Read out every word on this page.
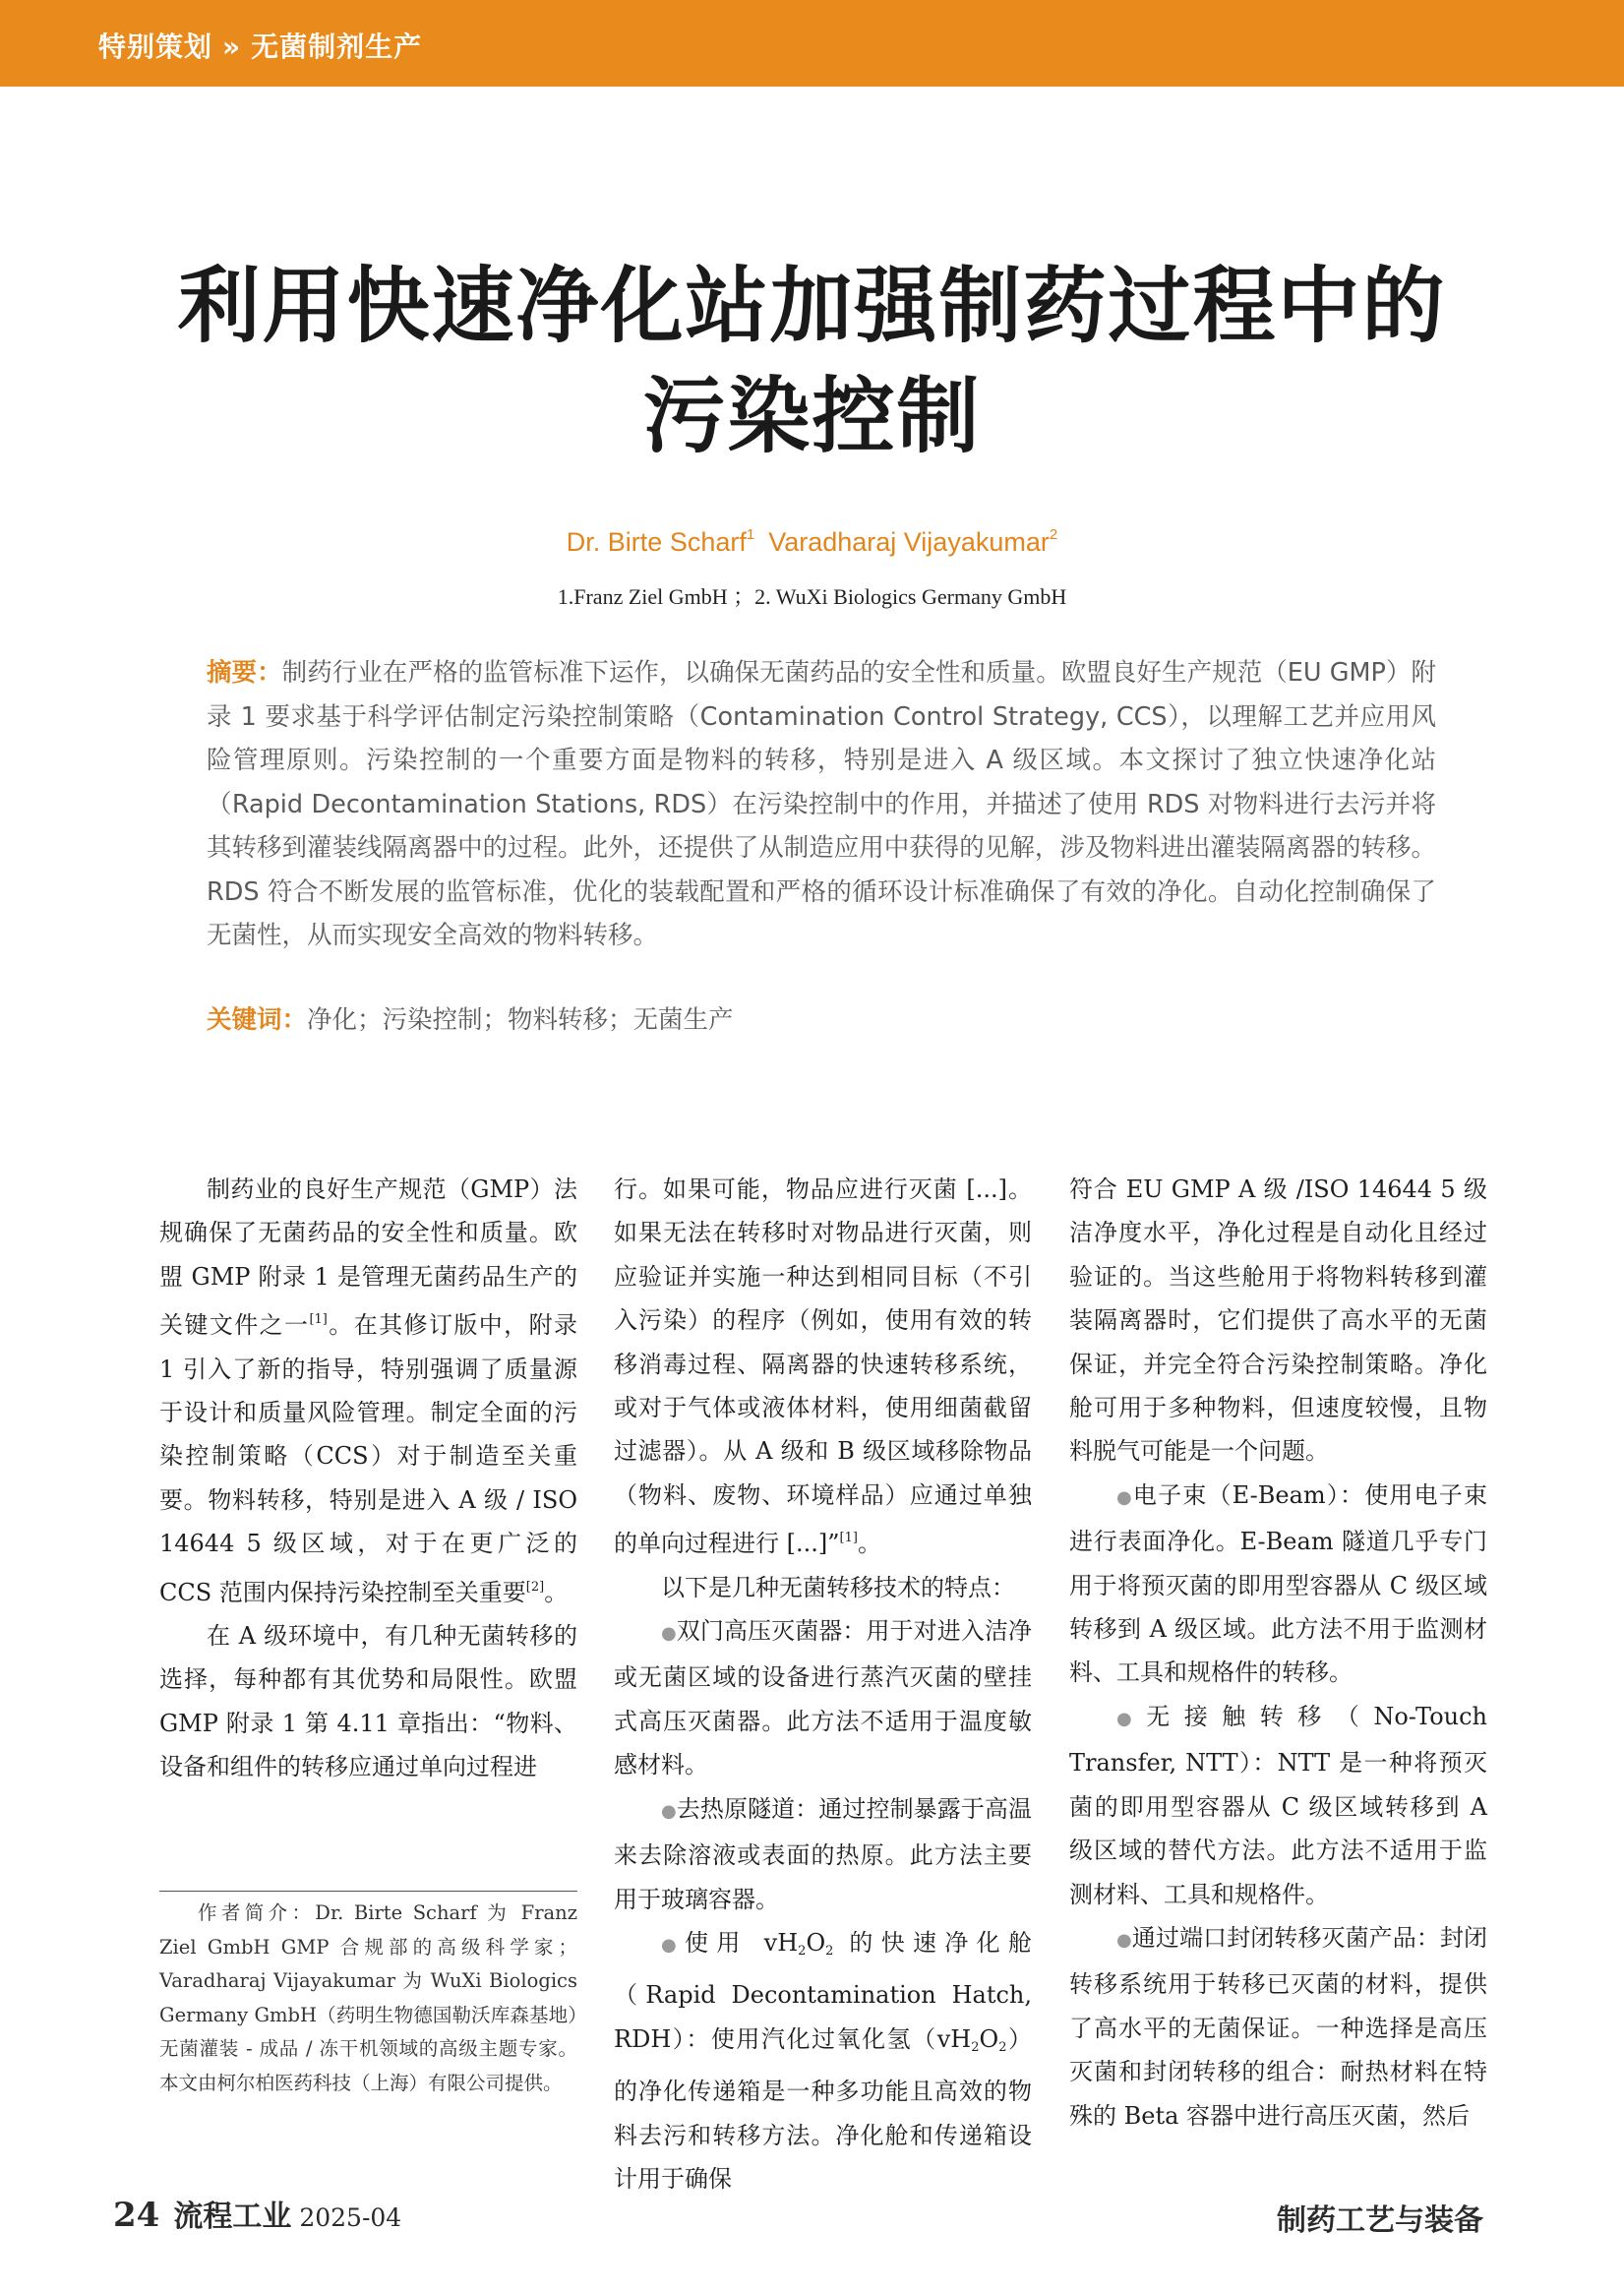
特别策划 » 无菌制剂生产
利用快速净化站加强制药过程中的
污染控制
Dr. Birte Scharf$^1$ Varadharaj Vijayakumar$^2$
1.Franz Ziel GmbH ；2. WuXi Biologics Germany GmbH
摘要：制药行业在严格的监管标准下运作，以确保无菌药品的安全性和质量。欧盟良好生产规范（EU GMP）附录 1 要求基于科学评估制定污染控制策略（Contamination Control Strategy, CCS），以理解工艺并应用风险管理原则。污染控制的一个重要方面是物料的转移，特别是进入 A 级区域。本文探讨了独立快速净化站（Rapid Decontamination Stations, RDS）在污染控制中的作用，并描述了使用 RDS 对物料进行去污并将其转移到灌装线隔离器中的过程。此外，还提供了从制造应用中获得的见解，涉及物料进出灌装隔离器的转移。RDS 符合不断发展的监管标准，优化的装载配置和严格的循环设计标准确保了有效的净化。自动化控制确保了无菌性，从而实现安全高效的物料转移。
关键词：净化；污染控制；物料转移；无菌生产

制药业的良好生产规范（GMP）法规确保了无菌药品的安全性和质量。欧盟 GMP 附录 1 是管理无菌药品生产的关键文件之一[1]。在其修订版中，附录 1 引入了新的指导，特别强调了质量源于设计和质量风险管理。制定全面的污染控制策略（CCS）对于制造至关重要。物料转移，特别是进入 A 级 / ISO 14644 5 级区域，对于在更广泛的 CCS 范围内保持污染控制至关重要[2]。

在 A 级环境中，有几种无菌转移的选择，每种都有其优势和局限性。欧盟 GMP 附录 1 第 4.11 章指出：“物料、设备和组件的转移应通过单向过程进

作者简介：Dr. Birte Scharf 为 Franz Ziel GmbH GMP 合规部的高级科学家；Varadharaj Vijayakumar 为 WuXi Biologics Germany GmbH（药明生物德国勒沃库森基地）无菌灌装 - 成品 / 冻干机领域的高级主题专家。本文由柯尔柏医药科技（上海）有限公司提供。

行。如果可能，物品应进行灭菌 [...]。如果无法在转移时对物品进行灭菌，则应验证并实施一种达到相同目标（不引入污染）的程序（例如，使用有效的转移消毒过程、隔离器的快速转移系统，或对于气体或液体材料，使用细菌截留过滤器）。从 A 级和 B 级区域移除物品（物料、废物、环境样品）应通过单独的单向过程进行 [...]”[1]。

以下是几种无菌转移技术的特点：

●双门高压灭菌器：用于对进入洁净或无菌区域的设备进行蒸汽灭菌的壁挂式高压灭菌器。此方法不适用于温度敏感材料。

●去热原隧道：通过控制暴露于高温来去除溶液或表面的热原。此方法主要用于玻璃容器。

●使用 $vH_2O_2$ 的快速净化舱（Rapid Decontamination Hatch, RDH）：使用汽化过氧化氢$(vH_2O_2)$的净化传递箱是一种多功能且高效的物料去污和转移方法。净化舱和传递箱设计用于确保

符合 EU GMP A 级 /ISO 14644 5 级洁净度水平，净化过程是自动化且经过验证的。当这些舱用于将物料转移到灌装隔离器时，它们提供了高水平的无菌保证，并完全符合污染控制策略。净化舱可用于多种物料，但速度较慢，且物料脱气可能是一个问题。

●电子束（E-Beam）：使用电子束进行表面净化。E-Beam 隧道几乎专门用于将预灭菌的即用型容器从 C 级区域转移到 A 级区域。此方法不用于监测材料、工具和规格件的转移。

●无接触转移（No-Touch Transfer, NTT）：NTT 是一种将预灭菌的即用型容器从 C 级区域转移到 A 级区域的替代方法。此方法不适用于监测材料、工具和规格件。

●通过端口封闭转移灭菌产品：封闭转移系统用于转移已灭菌的材料，提供了高水平的无菌保证。一种选择是高压灭菌和封闭转移的组合：耐热材料在特殊的 Beta 容器中进行高压灭菌，然后

24 流程工业 2025-04	制药工艺与装备
